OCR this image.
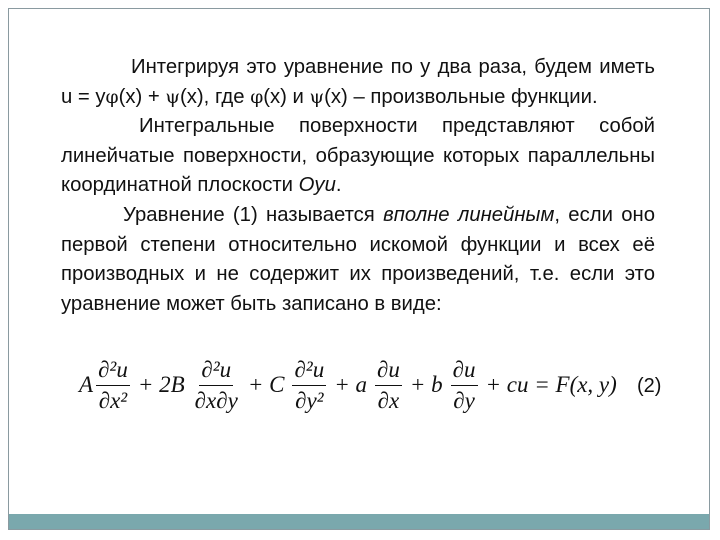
Интегрируя это уравнение по y два раза, будем иметь u = yφ(x) + ψ(x), где φ(x) и ψ(x) – произвольные функции.

Интегральные поверхности представляют собой линейчатые поверхности, образующие которых параллельны координатной плоскости Oyu.

Уравнение (1) называется вполне линейным, если оно первой степени относительно искомой функции и всех её производных и не содержит их произведений, т.е. если это уравнение может быть записано в виде:

A $\frac{\text{∂²u}}{\text{∂x²}} + 2B \frac{\text{∂²u}}{\partial x\partial y} + C \frac{\text{∂²u}}{\text{∂y²}} + a \frac{\partial u}{\partial x} + b \frac{\partial u}{\partial y}$ + cu = F(x, y) (2)
